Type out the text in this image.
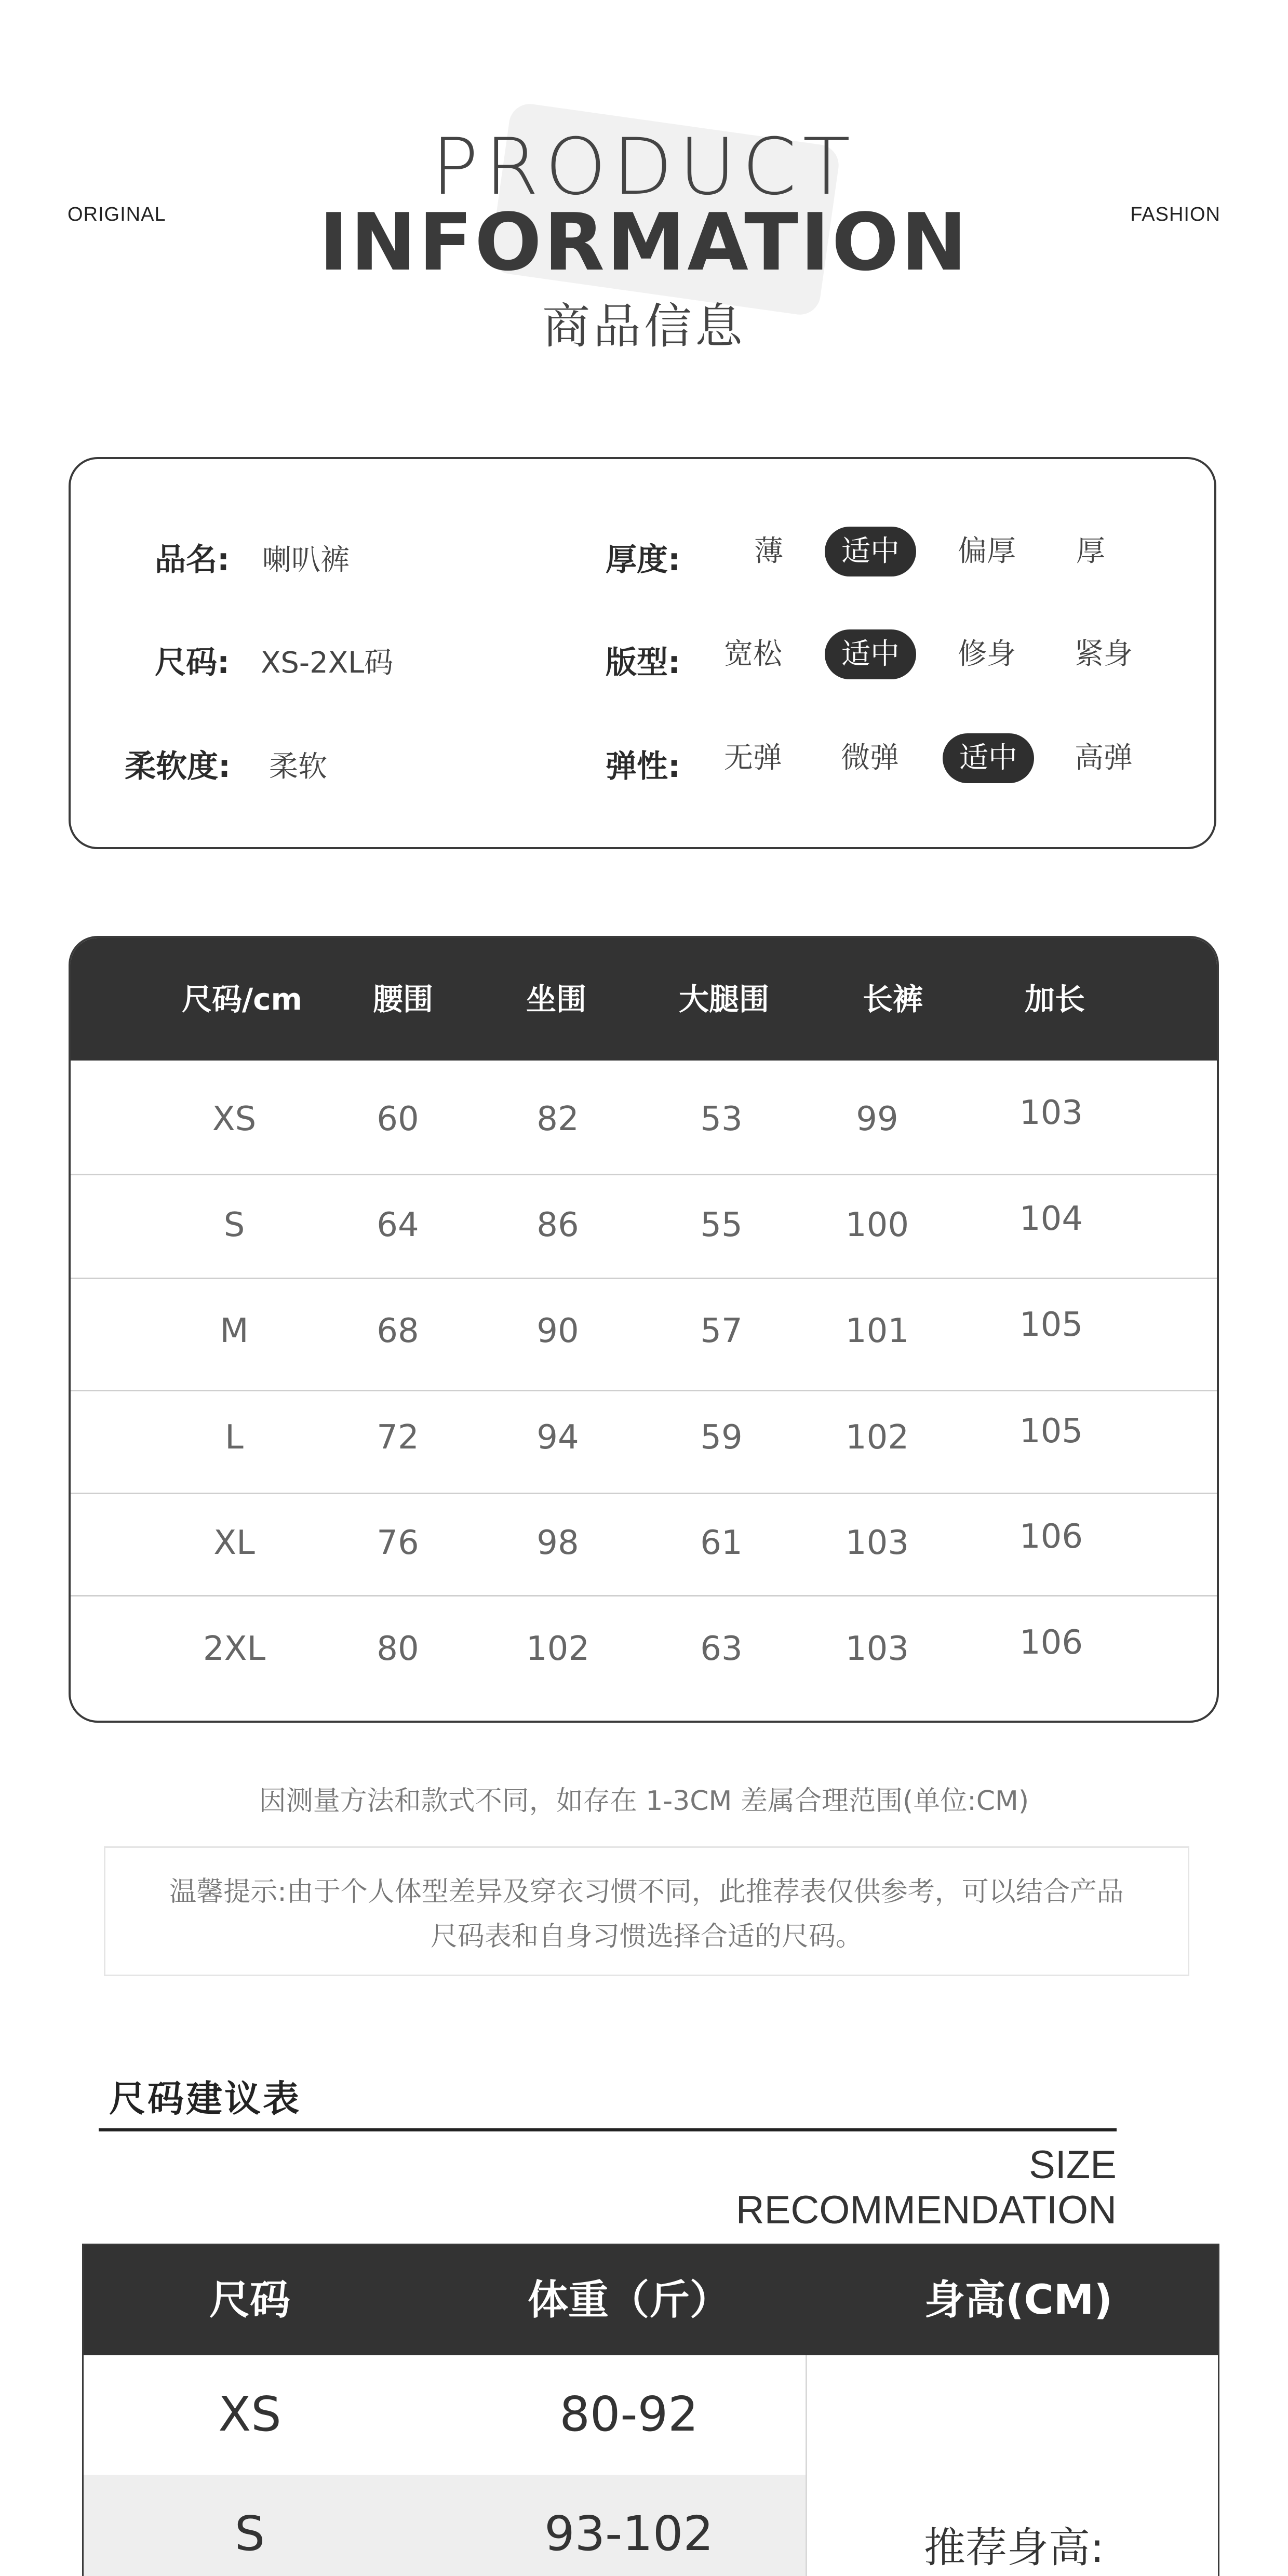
ORIGINAL	FASHION
PRODUCT
INFORMATION
商品信息
品名: 喇叭裤
尺码: XS-2XL码
柔软度: 柔软
厚度:	薄	适中	偏厚	厚
版型:	宽松	适中	修身	紧身
弹性:	无弹	微弹	适中	高弹
尺码/cm	腰围	坐围	大腿围	长裤	加长
XS	60	82	53	99	103
S	64	86	55	100	104
M	68	90	57	101	105
L	72	94	59	102	105
XL	76	98	61	103	106
2XL	80	102	63	103	106
因测量方法和款式不同，如存在 1-3CM 差属合理范围(单位:CM)
温馨提示:由于个人体型差异及穿衣习惯不同，此推荐表仅供参考，可以结合产品
尺码表和自身习惯选择合适的尺码。
尺码建议表
SIZE RECOMMENDATION
尺码	体重（斤）	身高(CM)
XS	80-92
S	93-102	推荐身高:
